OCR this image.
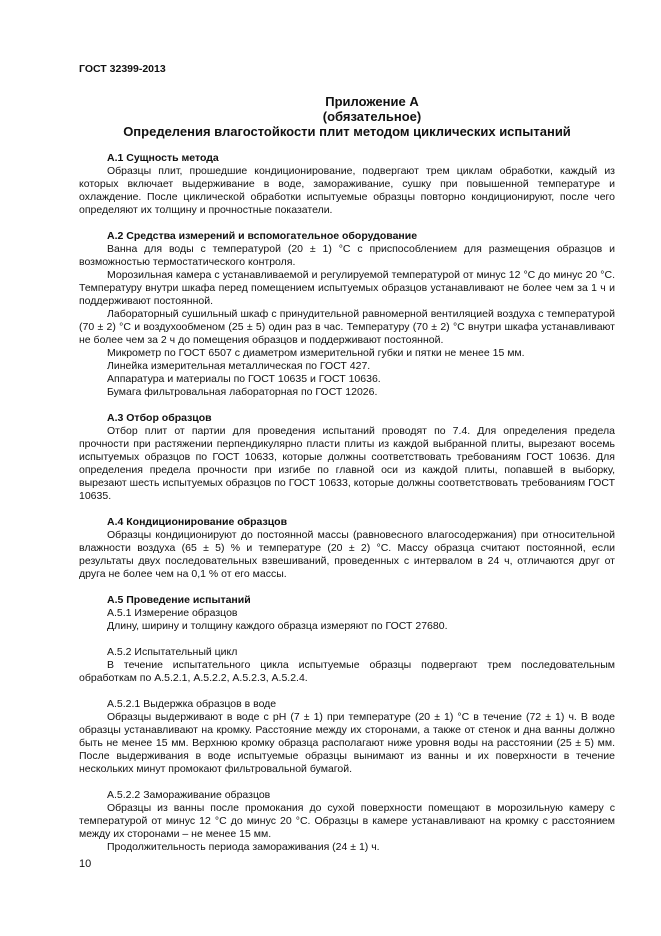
ГОСТ 32399-2013
Приложение А
(обязательное)
Определения влагостойкости плит методом циклических испытаний
А.1 Сущность метода

Образцы плит, прошедшие кондиционирование, подвергают трем циклам обработки, каждый из которых включает выдерживание в воде, замораживание, сушку при повышенной температуре и охлаждение. После циклической обработки испытуемые образцы повторно кондиционируют, после чего определяют их толщину и прочностные показатели.

А.2 Средства измерений и вспомогательное оборудование

Ванна для воды с температурой (20 ± 1) °С с приспособлением для размещения образцов и возможностью термостатического контроля.

Морозильная камера с устанавливаемой и регулируемой температурой от минус 12 °С до минус 20 °С. Температуру внутри шкафа перед помещением испытуемых образцов устанавливают не более чем за 1 ч и поддерживают постоянной.

Лабораторный сушильный шкаф с принудительной равномерной вентиляцией воздуха с температурой (70 ± 2) °С и воздухообменом (25 ± 5) один раз в час. Температуру (70 ± 2) °С внутри шкафа устанавливают не более чем за 2 ч до помещения образцов и поддерживают постоянной.

Микрометр по ГОСТ 6507 с диаметром измерительной губки и пятки не менее 15 мм.

Линейка измерительная металлическая по ГОСТ 427.

Аппаратура и материалы по ГОСТ 10635 и ГОСТ 10636.

Бумага фильтровальная лабораторная по ГОСТ 12026.

А.3 Отбор образцов

Отбор плит от партии для проведения испытаний проводят по 7.4. Для определения предела прочности при растяжении перпендикулярно пласти плиты из каждой выбранной плиты, вырезают восемь испытуемых образцов по ГОСТ 10633, которые должны соответствовать требованиям ГОСТ 10636. Для определения предела прочности при изгибе по главной оси из каждой плиты, попавшей в выборку, вырезают шесть испытуемых образцов по ГОСТ 10633, которые должны соответствовать требованиям ГОСТ 10635.

А.4 Кондиционирование образцов

Образцы кондиционируют до постоянной массы (равновесного влагосодержания) при относительной влажности воздуха (65 ± 5) % и температуре (20 ± 2) °С. Массу образца считают постоянной, если результаты двух последовательных взвешиваний, проведенных с интервалом в 24 ч, отличаются друг от друга не более чем на 0,1 % от его массы.

А.5 Проведение испытаний
А.5.1 Измерение образцов

Длину, ширину и толщину каждого образца измеряют по ГОСТ 27680.

А.5.2 Испытательный цикл

В течение испытательного цикла испытуемые образцы подвергают трем последовательным обработкам по А.5.2.1, А.5.2.2, А.5.2.3, А.5.2.4.

А.5.2.1 Выдержка образцов в воде

Образцы выдерживают в воде с рН (7 ± 1) при температуре (20 ± 1) °С в течение (72 ± 1) ч. В воде образцы устанавливают на кромку. Расстояние между их сторонами, а также от стенок и дна ванны должно быть не менее 15 мм. Верхнюю кромку образца располагают ниже уровня воды на расстоянии (25 ± 5) мм. После выдерживания в воде испытуемые образцы вынимают из ванны и их поверхности в течение нескольких минут промокают фильтровальной бумагой.

А.5.2.2 Замораживание образцов

Образцы из ванны после промокания до сухой поверхности помещают в морозильную камеру с температурой от минус 12 °С до минус 20 °С. Образцы в камере устанавливают на кромку с расстоянием между их сторонами – не менее 15 мм.

Продолжительность периода замораживания (24 ± 1) ч.

10
